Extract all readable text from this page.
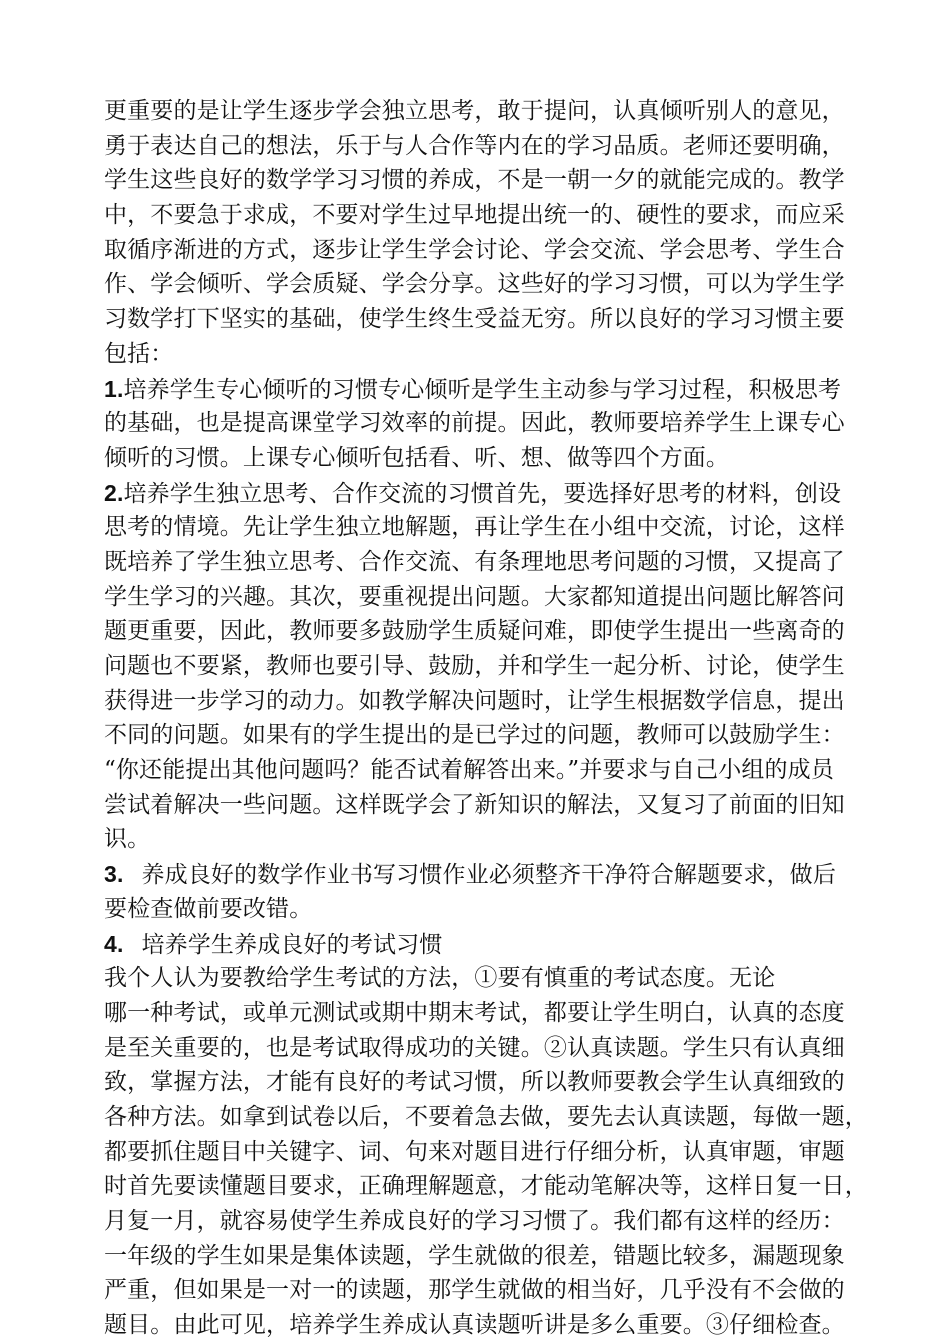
更重要的是让学生逐步学会独立思考，敢于提问，认真倾听别人的意见，
勇于表达自己的想法，乐于与人合作等内在的学习品质。老师还要明确，
学生这些良好的数学学习习惯的养成，不是一朝一夕的就能完成的。教学
中，不要急于求成，不要对学生过早地提出统一的、硬性的要求，而应采
取循序渐进的方式，逐步让学生学会讨论、学会交流、学会思考、学生合
作、学会倾听、学会质疑、学会分享。这些好的学习习惯，可以为学生学
习数学打下坚实的基础，使学生终生受益无穷。所以良好的学习习惯主要
包括：
1.培养学生专心倾听的习惯专心倾听是学生主动参与学习过程，积极思考
的基础，也是提高课堂学习效率的前提。因此，教师要培养学生上课专心
倾听的习惯。上课专心倾听包括看、听、想、做等四个方面。
2.培养学生独立思考、合作交流的习惯首先，要选择好思考的材料，创设
思考的情境。先让学生独立地解题，再让学生在小组中交流，讨论，这样
既培养了学生独立思考、合作交流、有条理地思考问题的习惯，又提高了
学生学习的兴趣。其次，要重视提出问题。大家都知道提出问题比解答问
题更重要，因此，教师要多鼓励学生质疑问难，即使学生提出一些离奇的
问题也不要紧，教师也要引导、鼓励，并和学生一起分析、讨论，使学生
获得进一步学习的动力。如教学解决问题时，让学生根据数学信息，提出
不同的问题。如果有的学生提出的是已学过的问题，教师可以鼓励学生：
“你还能提出其他问题吗？能否试着解答出来。”并要求与自己小组的成员
尝试着解决一些问题。这样既学会了新知识的解法，又复习了前面的旧知
识。
3. 养成良好的数学作业书写习惯作业必须整齐干净符合解题要求，做后
要检查做前要改错。
4. 培养学生养成良好的考试习惯
我个人认为要教给学生考试的方法，①要有慎重的考试态度。无论
哪一种考试，或单元测试或期中期末考试，都要让学生明白，认真的态度
是至关重要的，也是考试取得成功的关键。②认真读题。学生只有认真细
致，掌握方法，才能有良好的考试习惯，所以教师要教会学生认真细致的
各种方法。如拿到试卷以后，不要着急去做，要先去认真读题，每做一题，
都要抓住题目中关键字、词、句来对题目进行仔细分析，认真审题，审题
时首先要读懂题目要求，正确理解题意，才能动笔解决等，这样日复一日，
月复一月，就容易使学生养成良好的学习习惯了。我们都有这样的经历：
一年级的学生如果是集体读题，学生就做的很差，错题比较多，漏题现象
严重，但如果是一对一的读题，那学生就做的相当好，几乎没有不会做的
题目。由此可见，培养学生养成认真读题听讲是多么重要。③仔细检查。
